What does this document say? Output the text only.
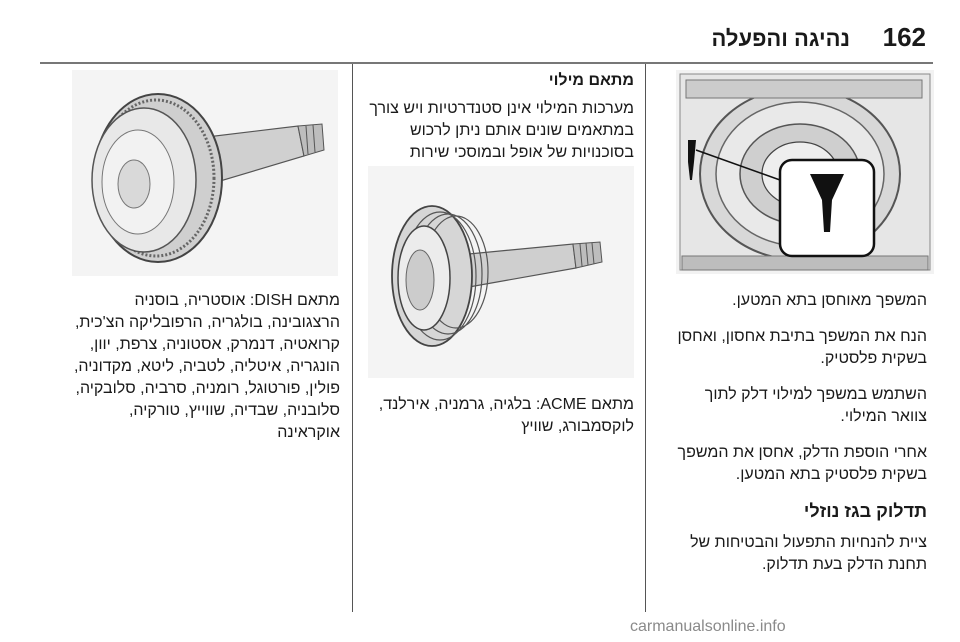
162
נהיגה והפעלה

המשפך מאוחסן בתא המטען.

הנח את המשפך בתיבת אחסון, ואחסן בשקית פלסטיק.

השתמש במשפך למילוי דלק לתוך צוואר המילוי.

אחרי הוספת הדלק, אחסן את המשפך בשקית פלסטיק בתא המטען.

תדלוק בגז נוזלי

ציית להנחיות התפעול והבטיחות של תחנת הדלק בעת תדלוק.

מתאם מילוי

מערכות המילוי אינן סטנדרטיות ויש צורך במתאמים שונים אותם ניתן לרכוש בסוכנויות של אופל ובמוסכי שירות

מתאם ACME: בלגיה, גרמניה, אירלנד, לוקסמבורג, שוויץ

מתאם DISH: אוסטריה, בוסניה הרצגובינה, בולגריה, הרפובליקה הצ'כית, קרואטיה, דנמרק, אסטוניה, צרפת, יוון, הונגריה, איטליה, לטביה, ליטא, מקדוניה, פולין, פורטוגל, רומניה, סרביה, סלובקיה, סלובניה, שבדיה, שווייץ, טורקיה, אוקראינה

carmanualsonline.info
